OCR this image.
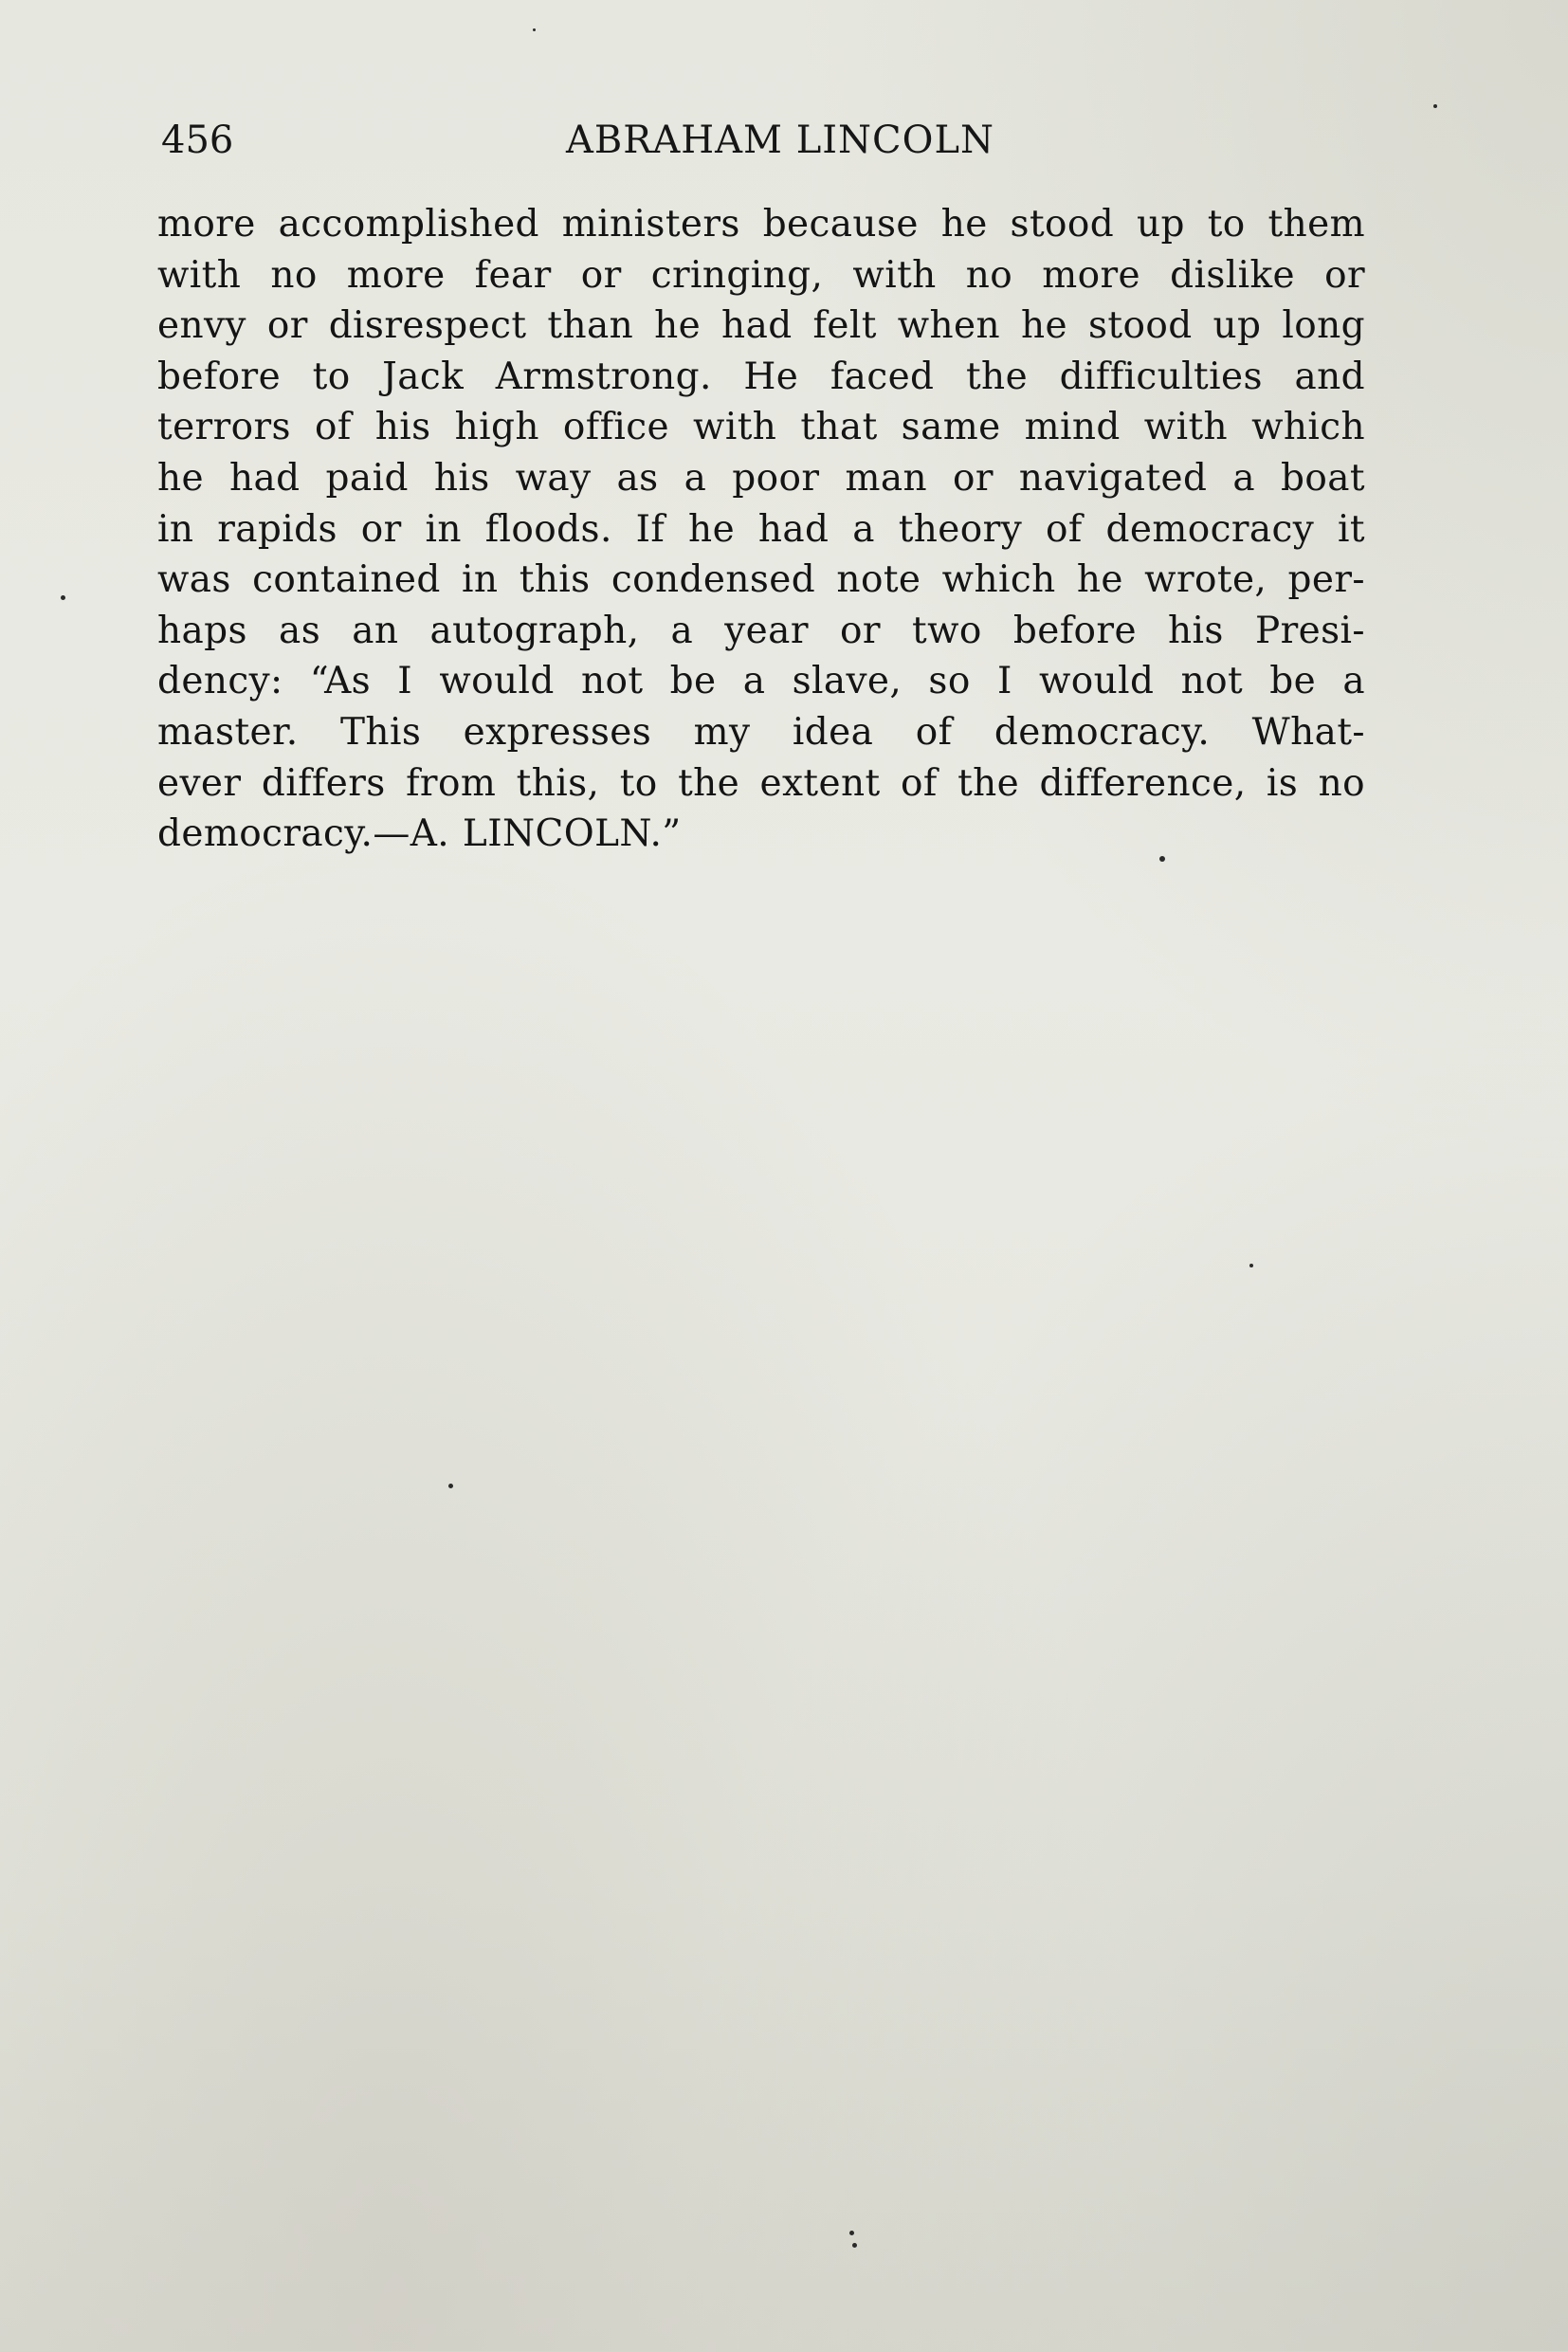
456	ABRAHAM LINCOLN
more accomplished ministers because he stood up to them
with no more fear or cringing, with no more dislike or
envy or disrespect than he had felt when he stood up long
before to Jack Armstrong. He faced the difficulties and
terrors of his high office with that same mind with which
he had paid his way as a poor man or navigated a boat
in rapids or in floods. If he had a theory of democracy it
was contained in this condensed note which he wrote, per-
haps as an autograph, a year or two before his Presi-
dency: “As I would not be a slave, so I would not be a
master. This expresses my idea of democracy. What-
ever differs from this, to the extent of the difference, is no
democracy.—A. LINCOLN.”
